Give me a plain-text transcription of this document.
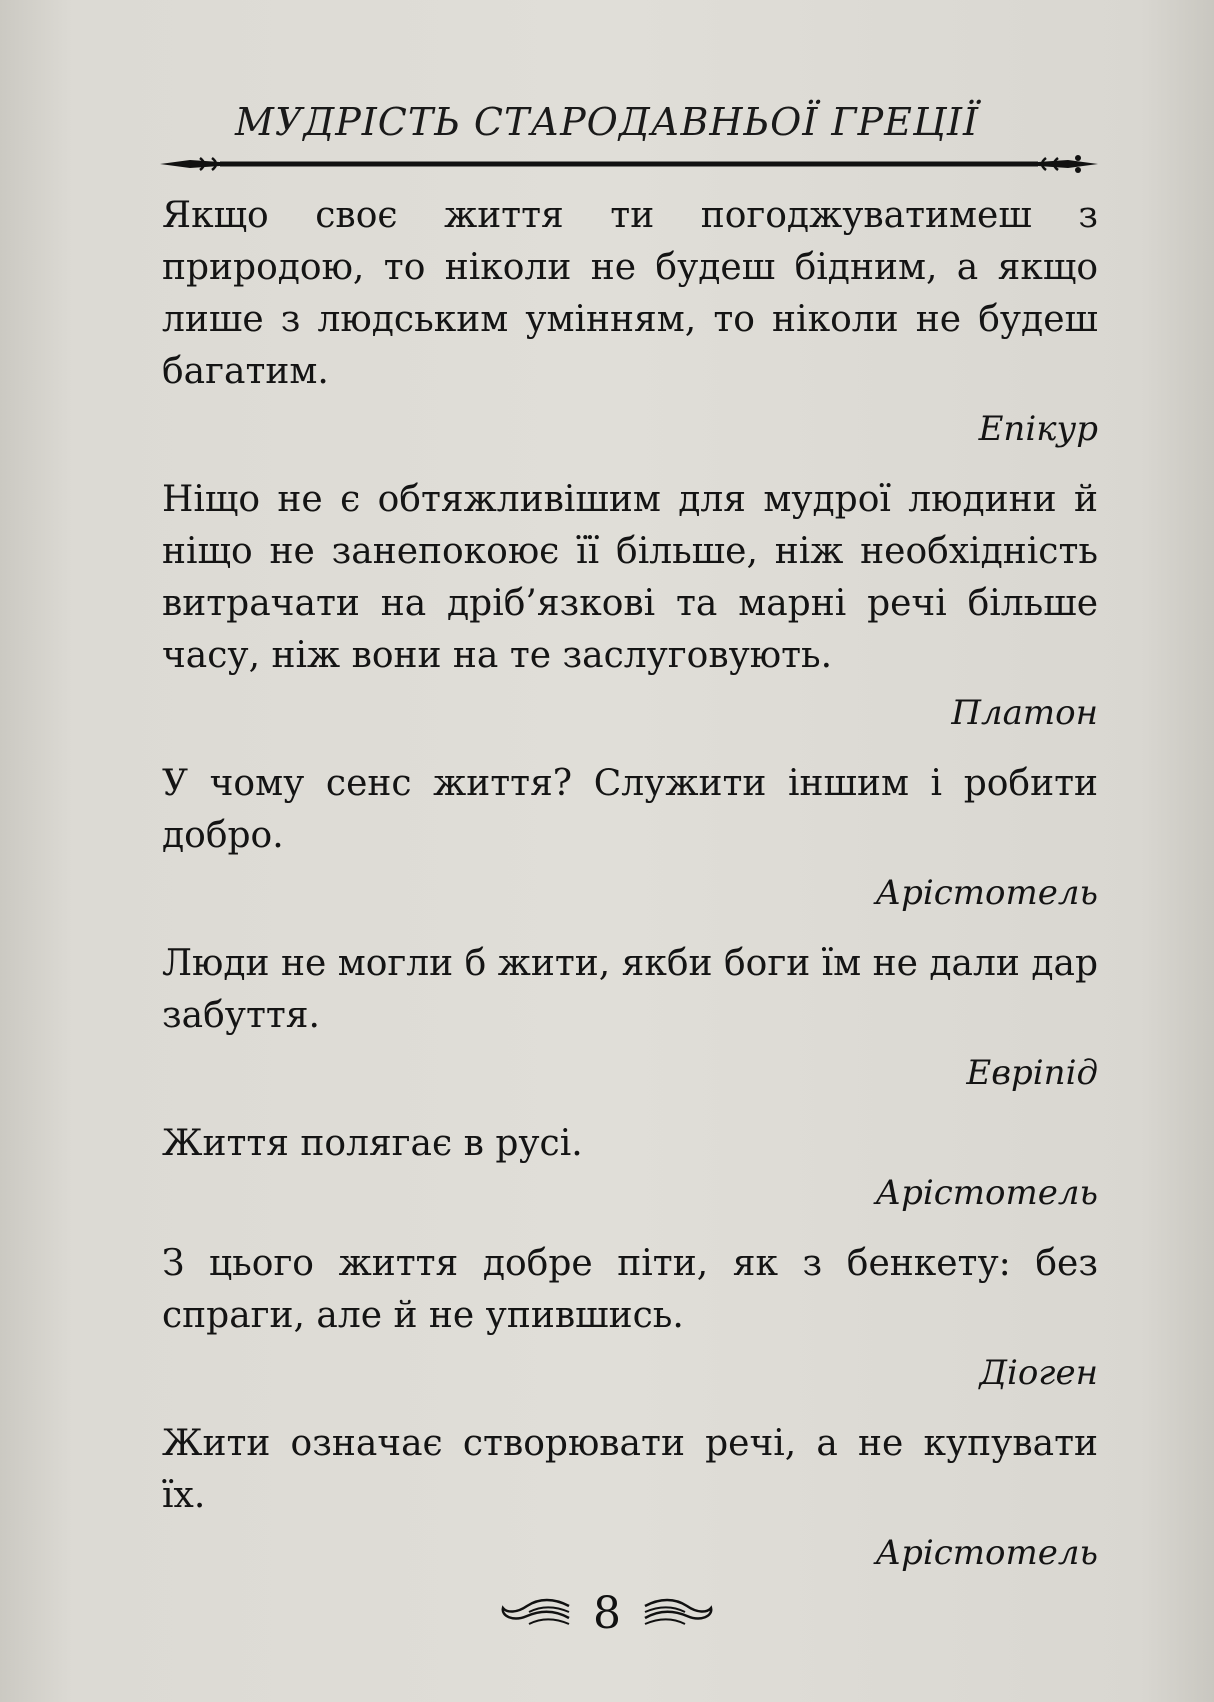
МУДРІСТЬ СТАРОДАВНЬОЇ ГРЕЦІЇ

Якщо своє життя ти погоджуватимеш з природою, то ніколи не будеш бідним, а якщо лише з людським умінням, то ніколи не будеш багатим.

Епікур

Ніщо не є обтяжливішим для мудрої людини й ніщо не занепокоює її більше, ніж необхідність витрачати на дріб’язкові та марні речі більше часу, ніж вони на те заслуговують.

Платон

У чому сенс життя? Служити іншим і робити добро.

Арістотель

Люди не могли б жити, якби боги їм не дали дар забуття.

Евріпід

Життя полягає в русі.

Арістотель

З цього життя добре піти, як з бенкету: без спраги, але й не упившись.

Діоген

Жити означає створювати речі, а не купувати їх.

Арістотель

8
